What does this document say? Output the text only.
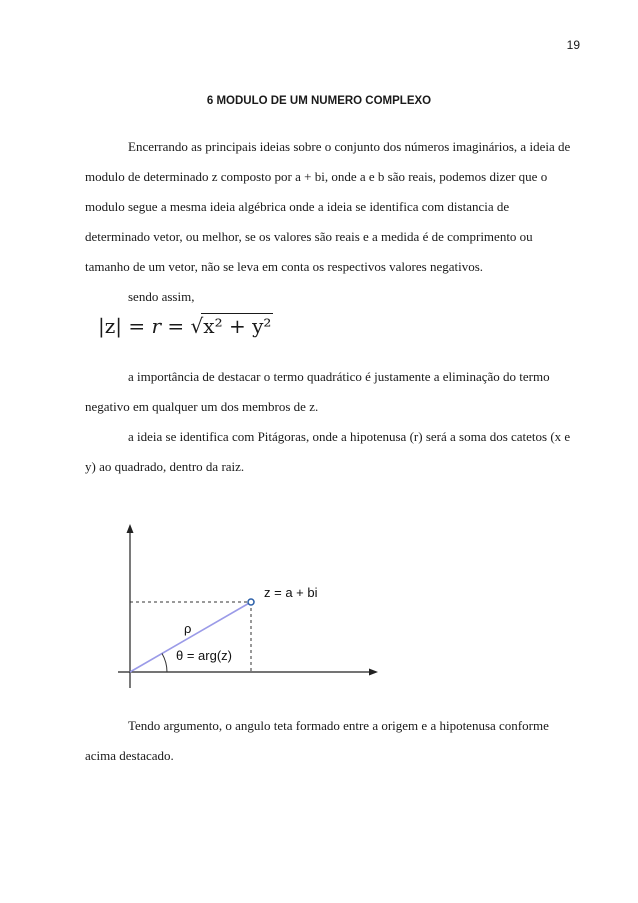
19
6 MODULO DE UM NUMERO COMPLEXO
Encerrando as principais ideias sobre o conjunto dos números imaginários, a ideia de
modulo de determinado z composto por a + bi, onde a e b são reais, podemos dizer que o
modulo segue a mesma ideia algébrica onde a ideia se identifica com distancia de
determinado vetor, ou melhor, se os valores são reais e a medida é de comprimento ou
tamanho de um vetor, não se leva em conta os respectivos valores negativos.
sendo assim,
|z| = r = √x² + y²
a importância de destacar o termo quadrático é justamente a eliminação do termo
negativo em qualquer um dos membros de z.
a ideia se identifica com Pitágoras, onde a hipotenusa (r) será a soma dos catetos (x e
y) ao quadrado, dentro da raiz.
z = a + bi
ρ
θ = arg(z)
Tendo argumento, o angulo teta formado entre a origem e a hipotenusa conforme
acima destacado.
